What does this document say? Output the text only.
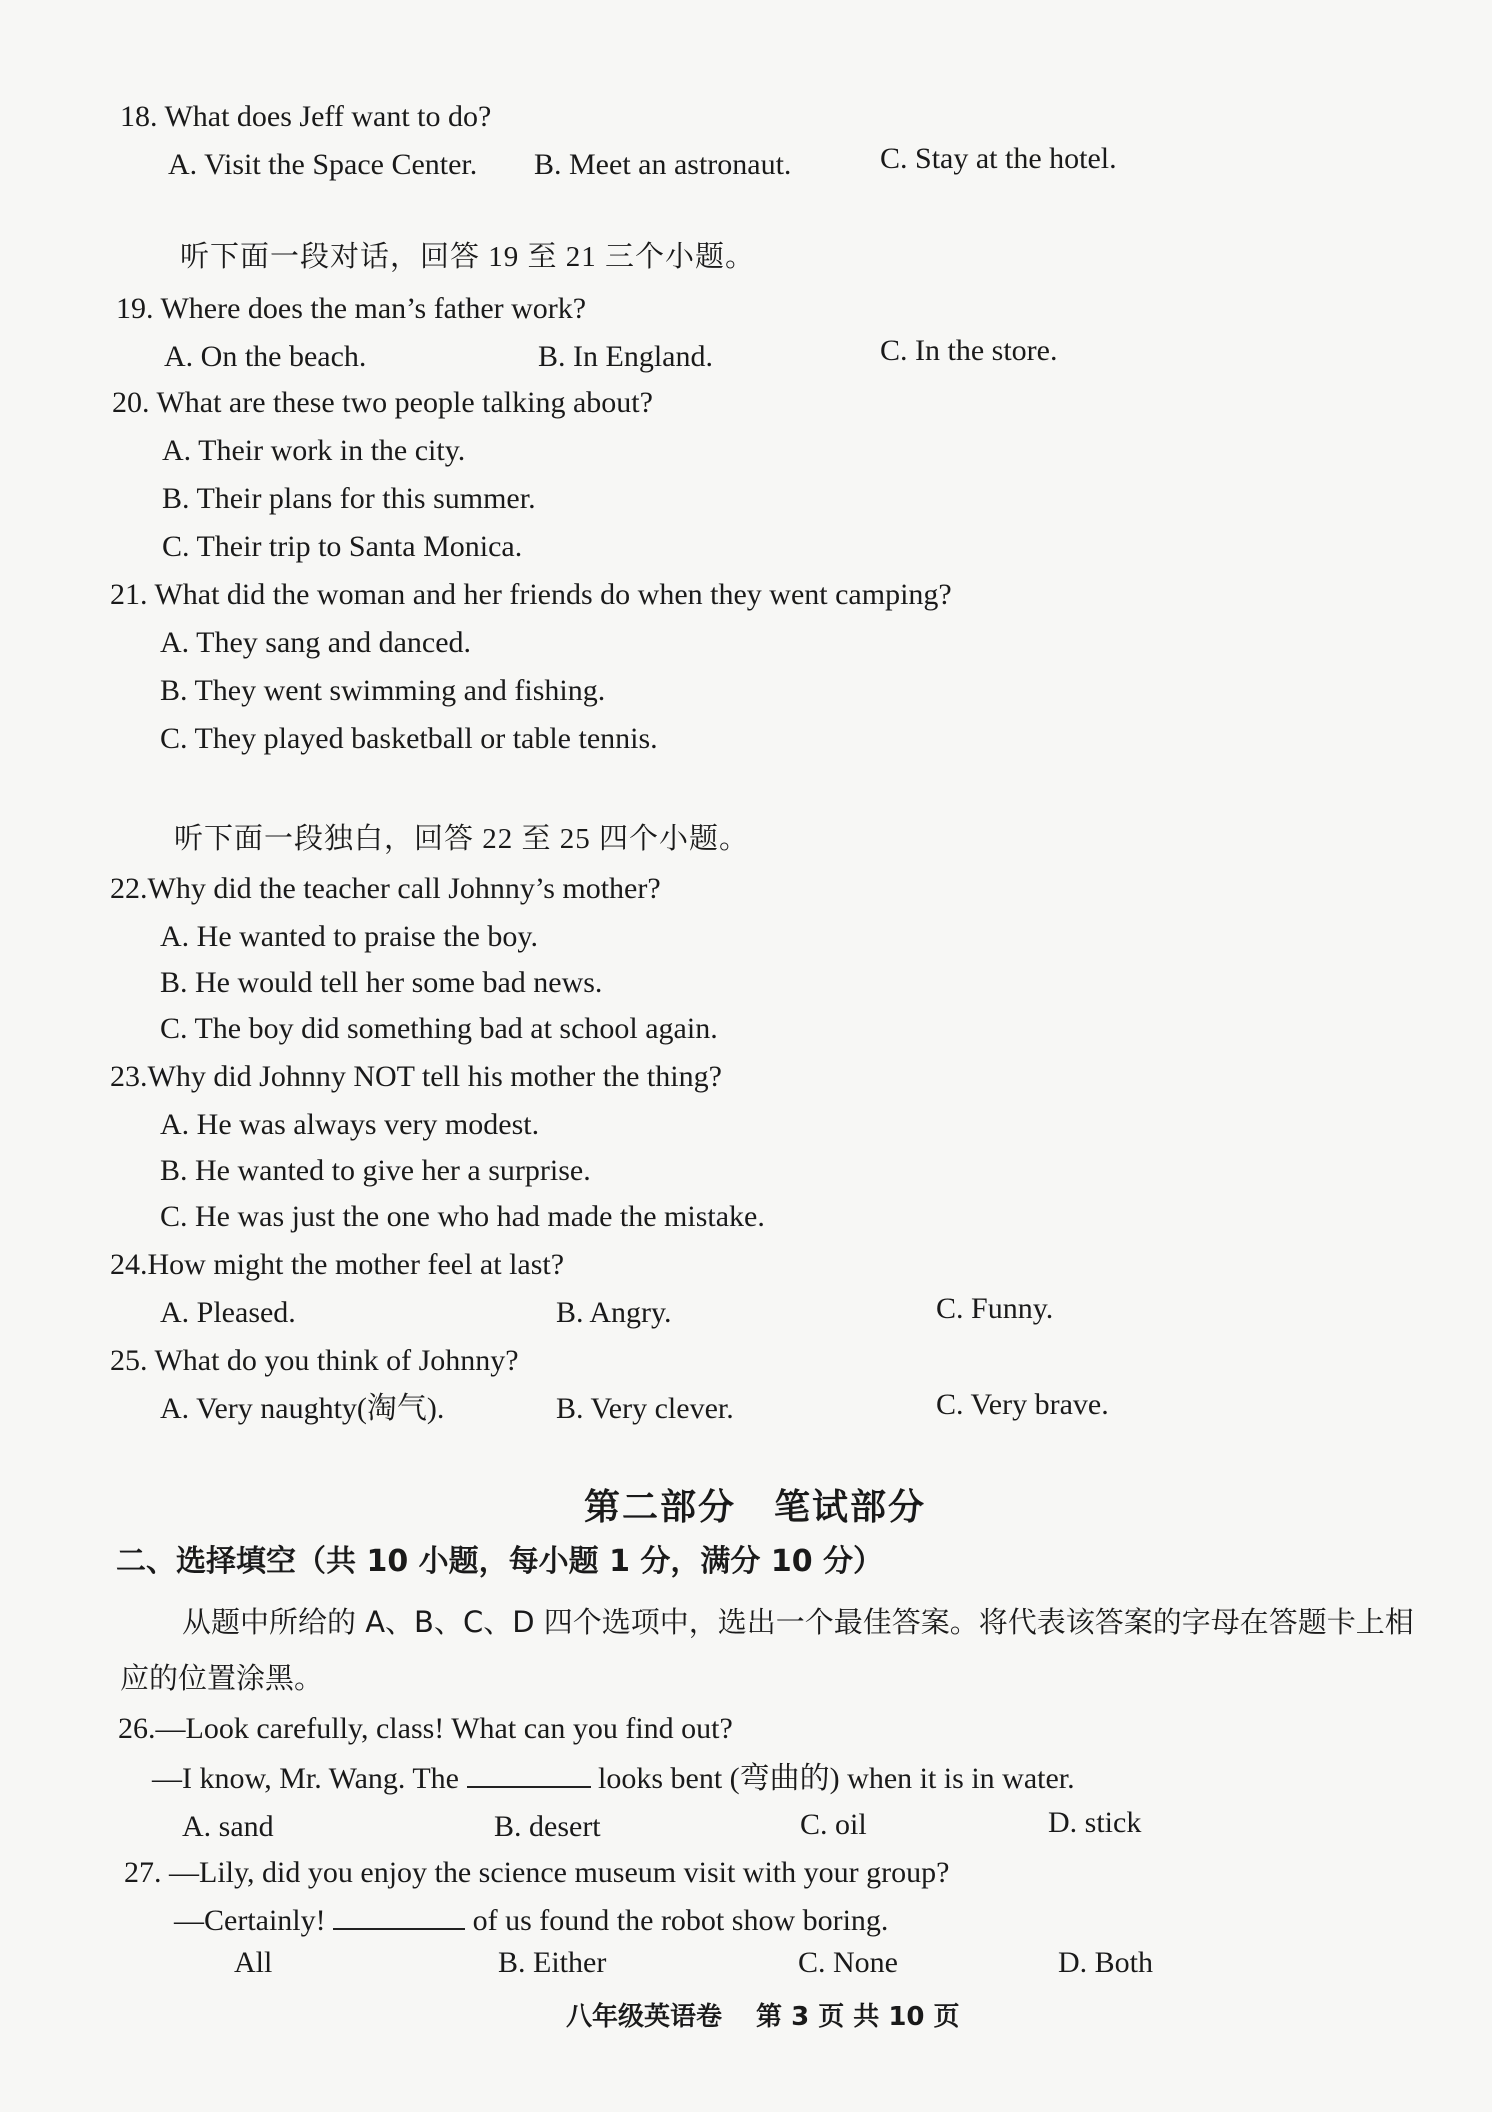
18. What does Jeff want to do?
A. Visit the Space Center. B. Meet an astronaut.	C. Stay at the hotel.
听下面一段对话，回答 19 至 21 三个小题。
19. Where does the man’s father work?
A. On the beach.	B. In England.	C. In the store.
20. What are these two people talking about?
A. Their work in the city.
B. Their plans for this summer.
C. Their trip to Santa Monica.
21. What did the woman and her friends do when they went camping?
A. They sang and danced.
B. They went swimming and fishing.
C. They played basketball or table tennis.
听下面一段独白，回答 22 至 25 四个小题。
22.Why did the teacher call Johnny’s mother?
A. He wanted to praise the boy.
B. He would tell her some bad news.
C. The boy did something bad at school again.
23.Why did Johnny NOT tell his mother the thing?
A. He was always very modest.
B. He wanted to give her a surprise.
C. He was just the one who had made the mistake.
24.How might the mother feel at last?
A. Pleased.	B. Angry.	C. Funny.
25. What do you think of Johnny?
A. Very naughty(淘气).	B. Very clever.	C. Very brave.
第二部分　笔试部分
二、选择填空（共 10 小题，每小题 1 分，满分 10 分）
从题中所给的 A、B、C、D 四个选项中，选出一个最佳答案。将代表该答案的字母在答题卡上相应的位置涂黑。
26.—Look carefully, class! What can you find out?
—I know, Mr. Wang. The	looks bent (弯曲的) when it is in water.
A. sand	B. desert	C. oil	D. stick
27. —Lily, did you enjoy the science museum visit with your group?
—Certainly!	of us found the robot show boring.
All	B. Either	C. None	D. Both
八年级英语卷 第 3 页 共 10 页
